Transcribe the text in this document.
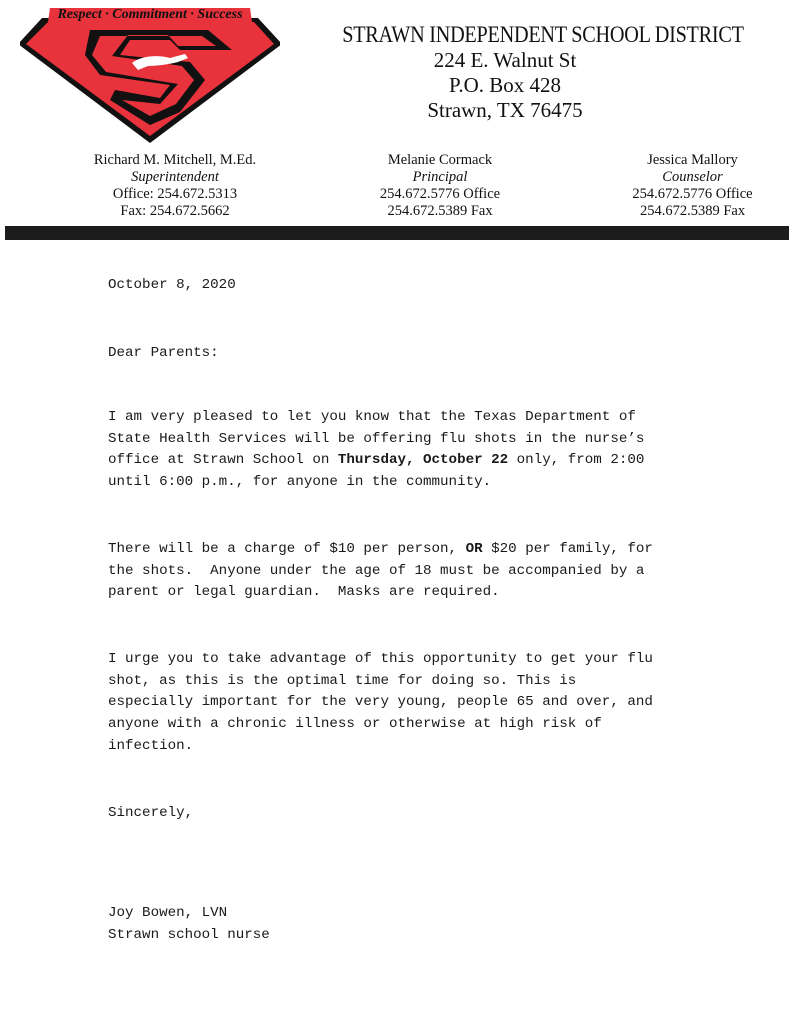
Respect · Commitment · Success
STRAWN INDEPENDENT SCHOOL DISTRICT
224 E. Walnut St
P.O. Box 428
Strawn, TX 76475
Richard M. Mitchell, M.Ed.
Superintendent
Office: 254.672.5313
Fax: 254.672.5662
Melanie Cormack
Principal
254.672.5776 Office
254.672.5389 Fax
Jessica Mallory
Counselor
254.672.5776 Office
254.672.5389 Fax

October 8, 2020

Dear Parents:

I am very pleased to let you know that the Texas Department of

State Health Services will be offering flu shots in the nurse’s

office at Strawn School on Thursday, October 22 only, from 2:00

until 6:00 p.m., for anyone in the community.

There will be a charge of $10 per person, OR $20 per family, for

the shots.  Anyone under the age of 18 must be accompanied by a

parent or legal guardian.  Masks are required.

I urge you to take advantage of this opportunity to get your flu

shot, as this is the optimal time for doing so. This is

especially important for the very young, people 65 and over, and

anyone with a chronic illness or otherwise at high risk of

infection.

Sincerely,

Joy Bowen, LVN

Strawn school nurse
